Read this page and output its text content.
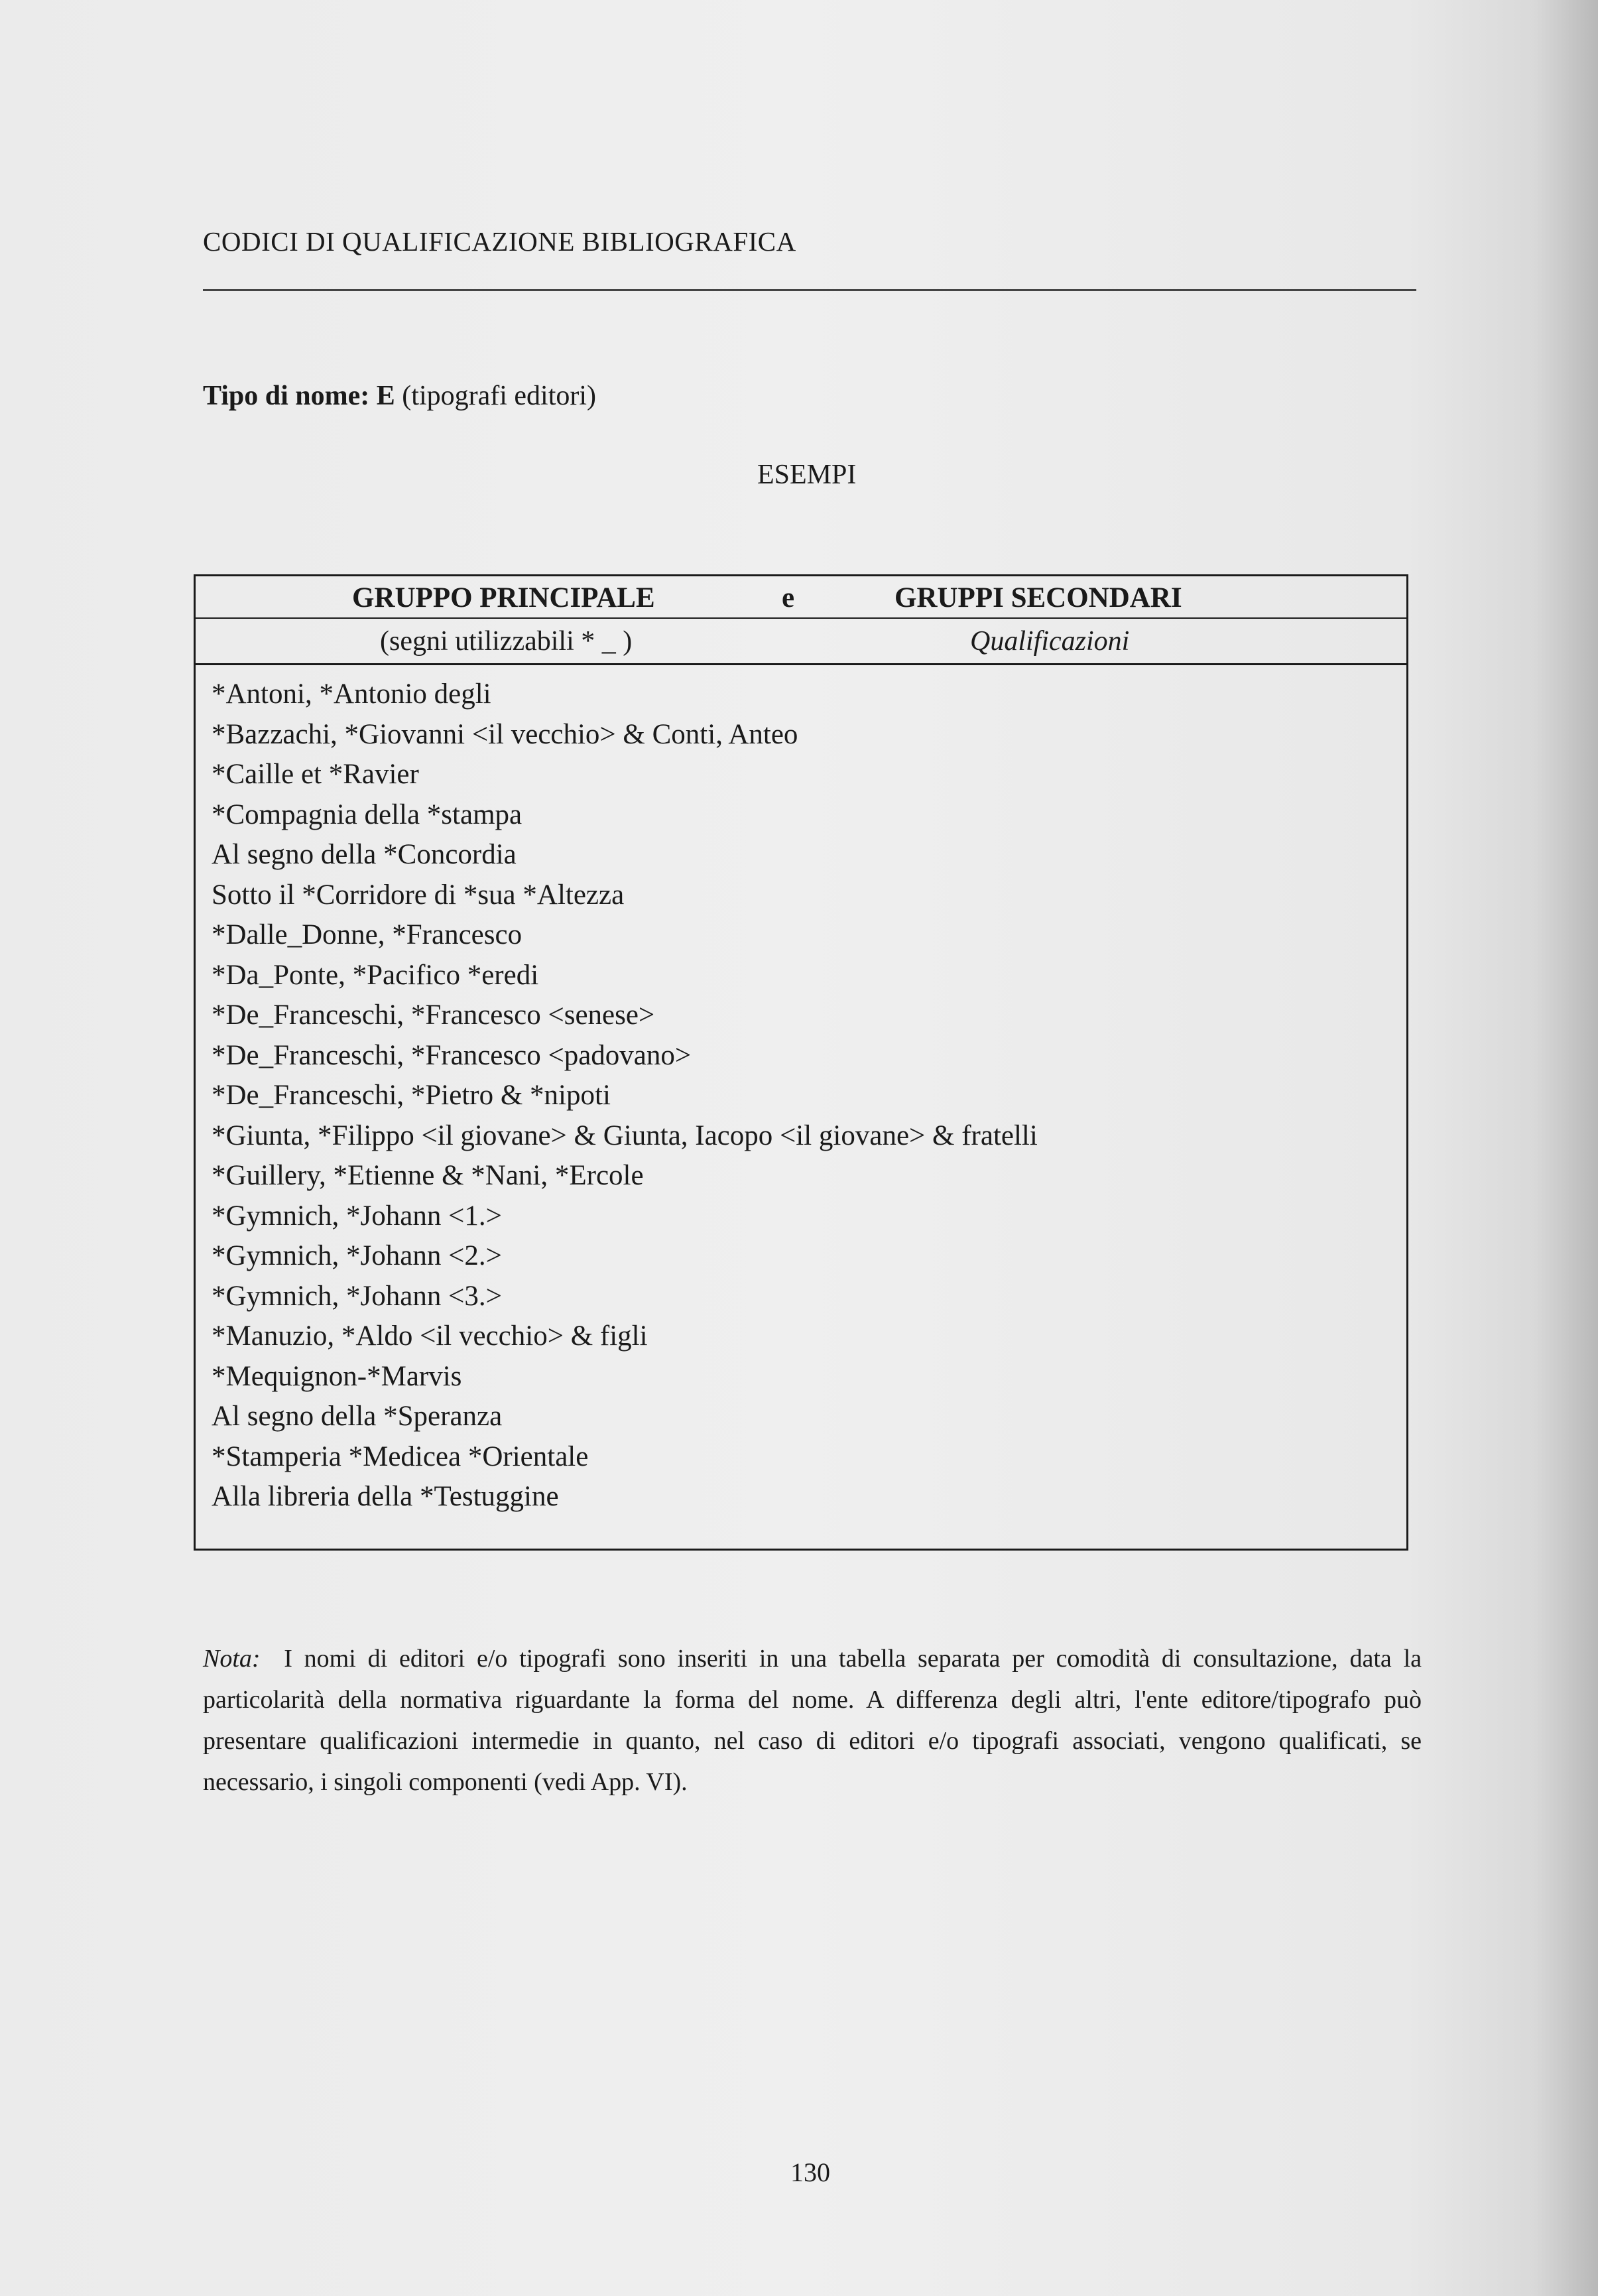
CODICI DI QUALIFICAZIONE BIBLIOGRAFICA
Tipo di nome: E (tipografi editori)
ESEMPI
GRUPPO PRINCIPALE	e	GRUPPI SECONDARI
(segni utilizzabili * _ )	Qualificazioni
*Antoni, *Antonio degli
*Bazzachi, *Giovanni <il vecchio> & Conti, Anteo
*Caille et *Ravier
*Compagnia della *stampa
Al segno della *Concordia
Sotto il *Corridore di *sua *Altezza
*Dalle_Donne, *Francesco
*Da_Ponte, *Pacifico *eredi
*De_Franceschi, *Francesco <senese>
*De_Franceschi, *Francesco <padovano>
*De_Franceschi, *Pietro & *nipoti
*Giunta, *Filippo <il giovane> & Giunta, Iacopo <il giovane> & fratelli
*Guillery, *Etienne & *Nani, *Ercole
*Gymnich, *Johann <1.>
*Gymnich, *Johann <2.>
*Gymnich, *Johann <3.>
*Manuzio, *Aldo <il vecchio> & figli
*Mequignon-*Marvis
Al segno della *Speranza
*Stamperia *Medicea *Orientale
Alla libreria della *Testuggine
Nota: I nomi di editori e/o tipografi sono inseriti in una tabella separata per comodità di consultazione, data la particolarità della normativa riguardante la forma del nome. A differenza degli altri, l'ente editore/tipografo può presentare qualificazioni intermedie in quanto, nel caso di editori e/o tipografi associati, vengono qualificati, se necessario, i singoli componenti (vedi App. VI).
130
